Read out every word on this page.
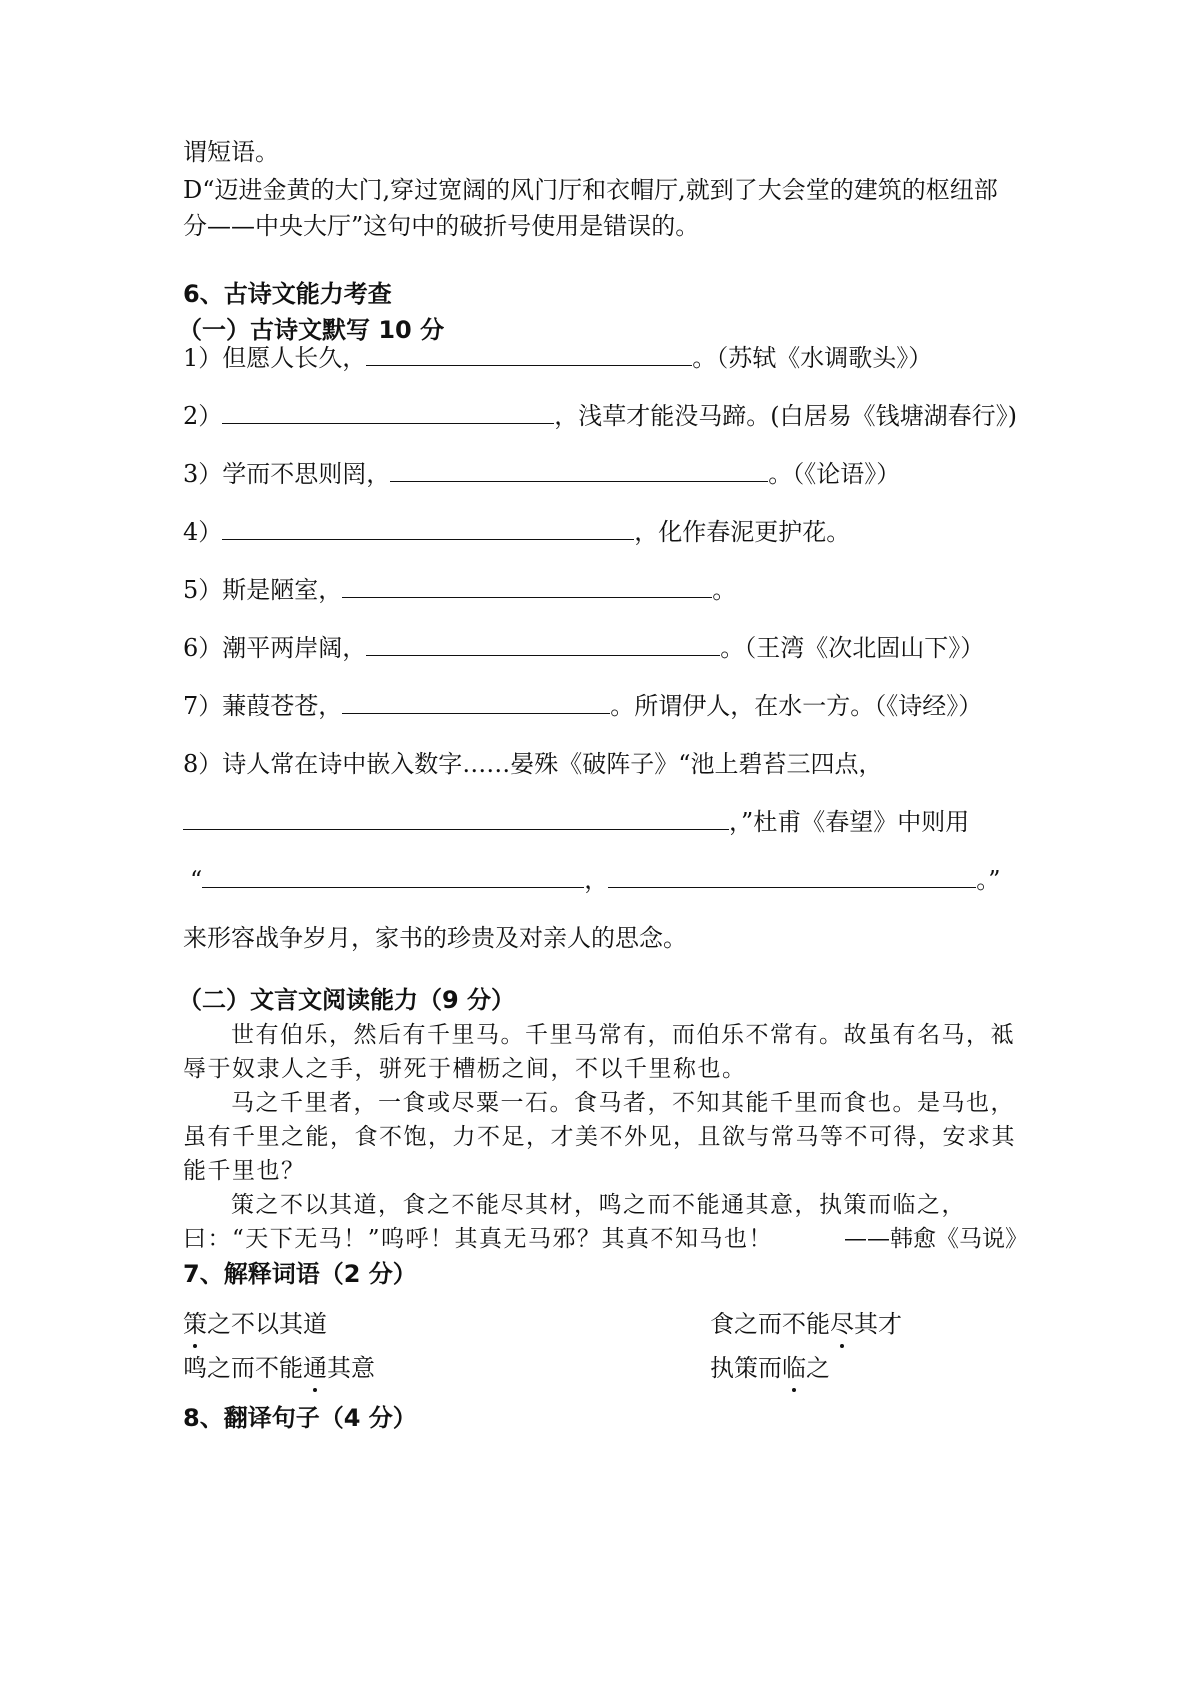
谓短语。
D“迈进金黄的大门,穿过宽阔的风门厅和衣帽厅,就到了大会堂的建筑的枢纽部
分——中央大厅”这句中的破折号使用是错误的。
6、古诗文能力考查
（一）古诗文默写 10 分
1）但愿人长久，	。（苏轼《水调歌头》）
2）	，浅草才能没马蹄。(白居易《钱塘湖春行》)
3）学而不思则罔，	。（《论语》）
4）	，化作春泥更护花。
5）斯是陋室，	。
6）潮平两岸阔，	。（王湾《次北固山下》）
7）蒹葭苍苍，	。所谓伊人，在水一方。（《诗经》）
8）诗人常在诗中嵌入数字……晏殊《破阵子》“池上碧苔三四点，
，”杜甫《春望》中则用
“	，	。”
来形容战争岁月，家书的珍贵及对亲人的思念。
（二）文言文阅读能力（9 分）

世有伯乐，然后有千里马。千里马常有，而伯乐不常有。故虽有名马，祗辱于奴隶人之手，骈死于槽枥之间，不以千里称也。

马之千里者，一食或尽粟一石。食马者，不知其能千里而食也。是马也，虽有千里之能，食不饱，力不足，才美不外见，且欲与常马等不可得，安求其能千里也？

策之不以其道，食之不能尽其材，鸣之而不能通其意，执策而临之，曰：“天下无马！”呜呼！其真无马邪？其真不知马也！	——韩愈《马说》
7、解释词语（2 分）
策之不以其道	食之而不能尽其才
鸣之而不能通其意	执策而临之
8、翻译句子（4 分）
